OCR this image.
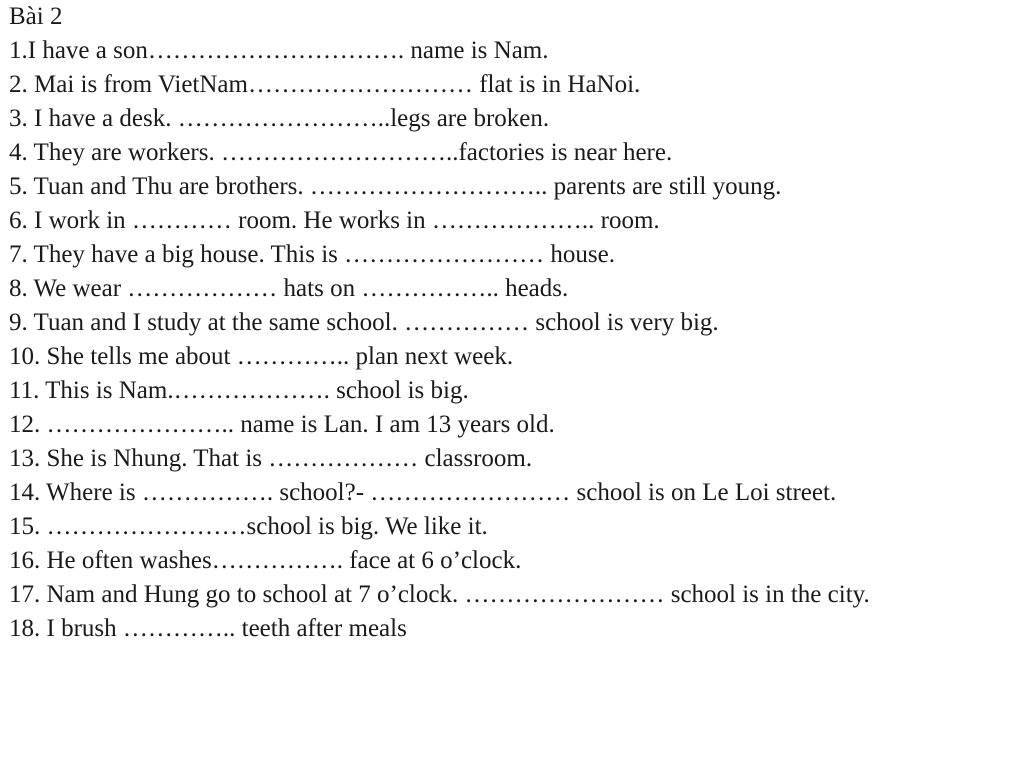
Bài 2
1.I have a son…………………………. name is Nam.
2. Mai is from VietNam……………………… flat is in HaNoi.
3. I have a desk. ……………………..legs are broken.
4. They are workers. ………………………..factories is near here.
5. Tuan and Thu are brothers. ……………………….. parents are still young.
6. I work in ………… room. He works in ……………….. room.
7. They have a big house. This is …………………… house.
8. We wear ……………… hats on …………….. heads.
9. Tuan and I study at the same school. …………… school is very big.
10. She tells me about ………….. plan next week.
11. This is Nam.………………. school is big.
12. ………………….. name is Lan. I am 13 years old.
13. She is Nhung. That is ……………… classroom.
14. Where is ……………. school?- …………………… school is on Le Loi street.
15. ……………………school is big. We like it.
16. He often washes……………. face at 6 o’clock.
17. Nam and Hung go to school at 7 o’clock. …………………… school is in the city.
18. I brush ………….. teeth after meals
